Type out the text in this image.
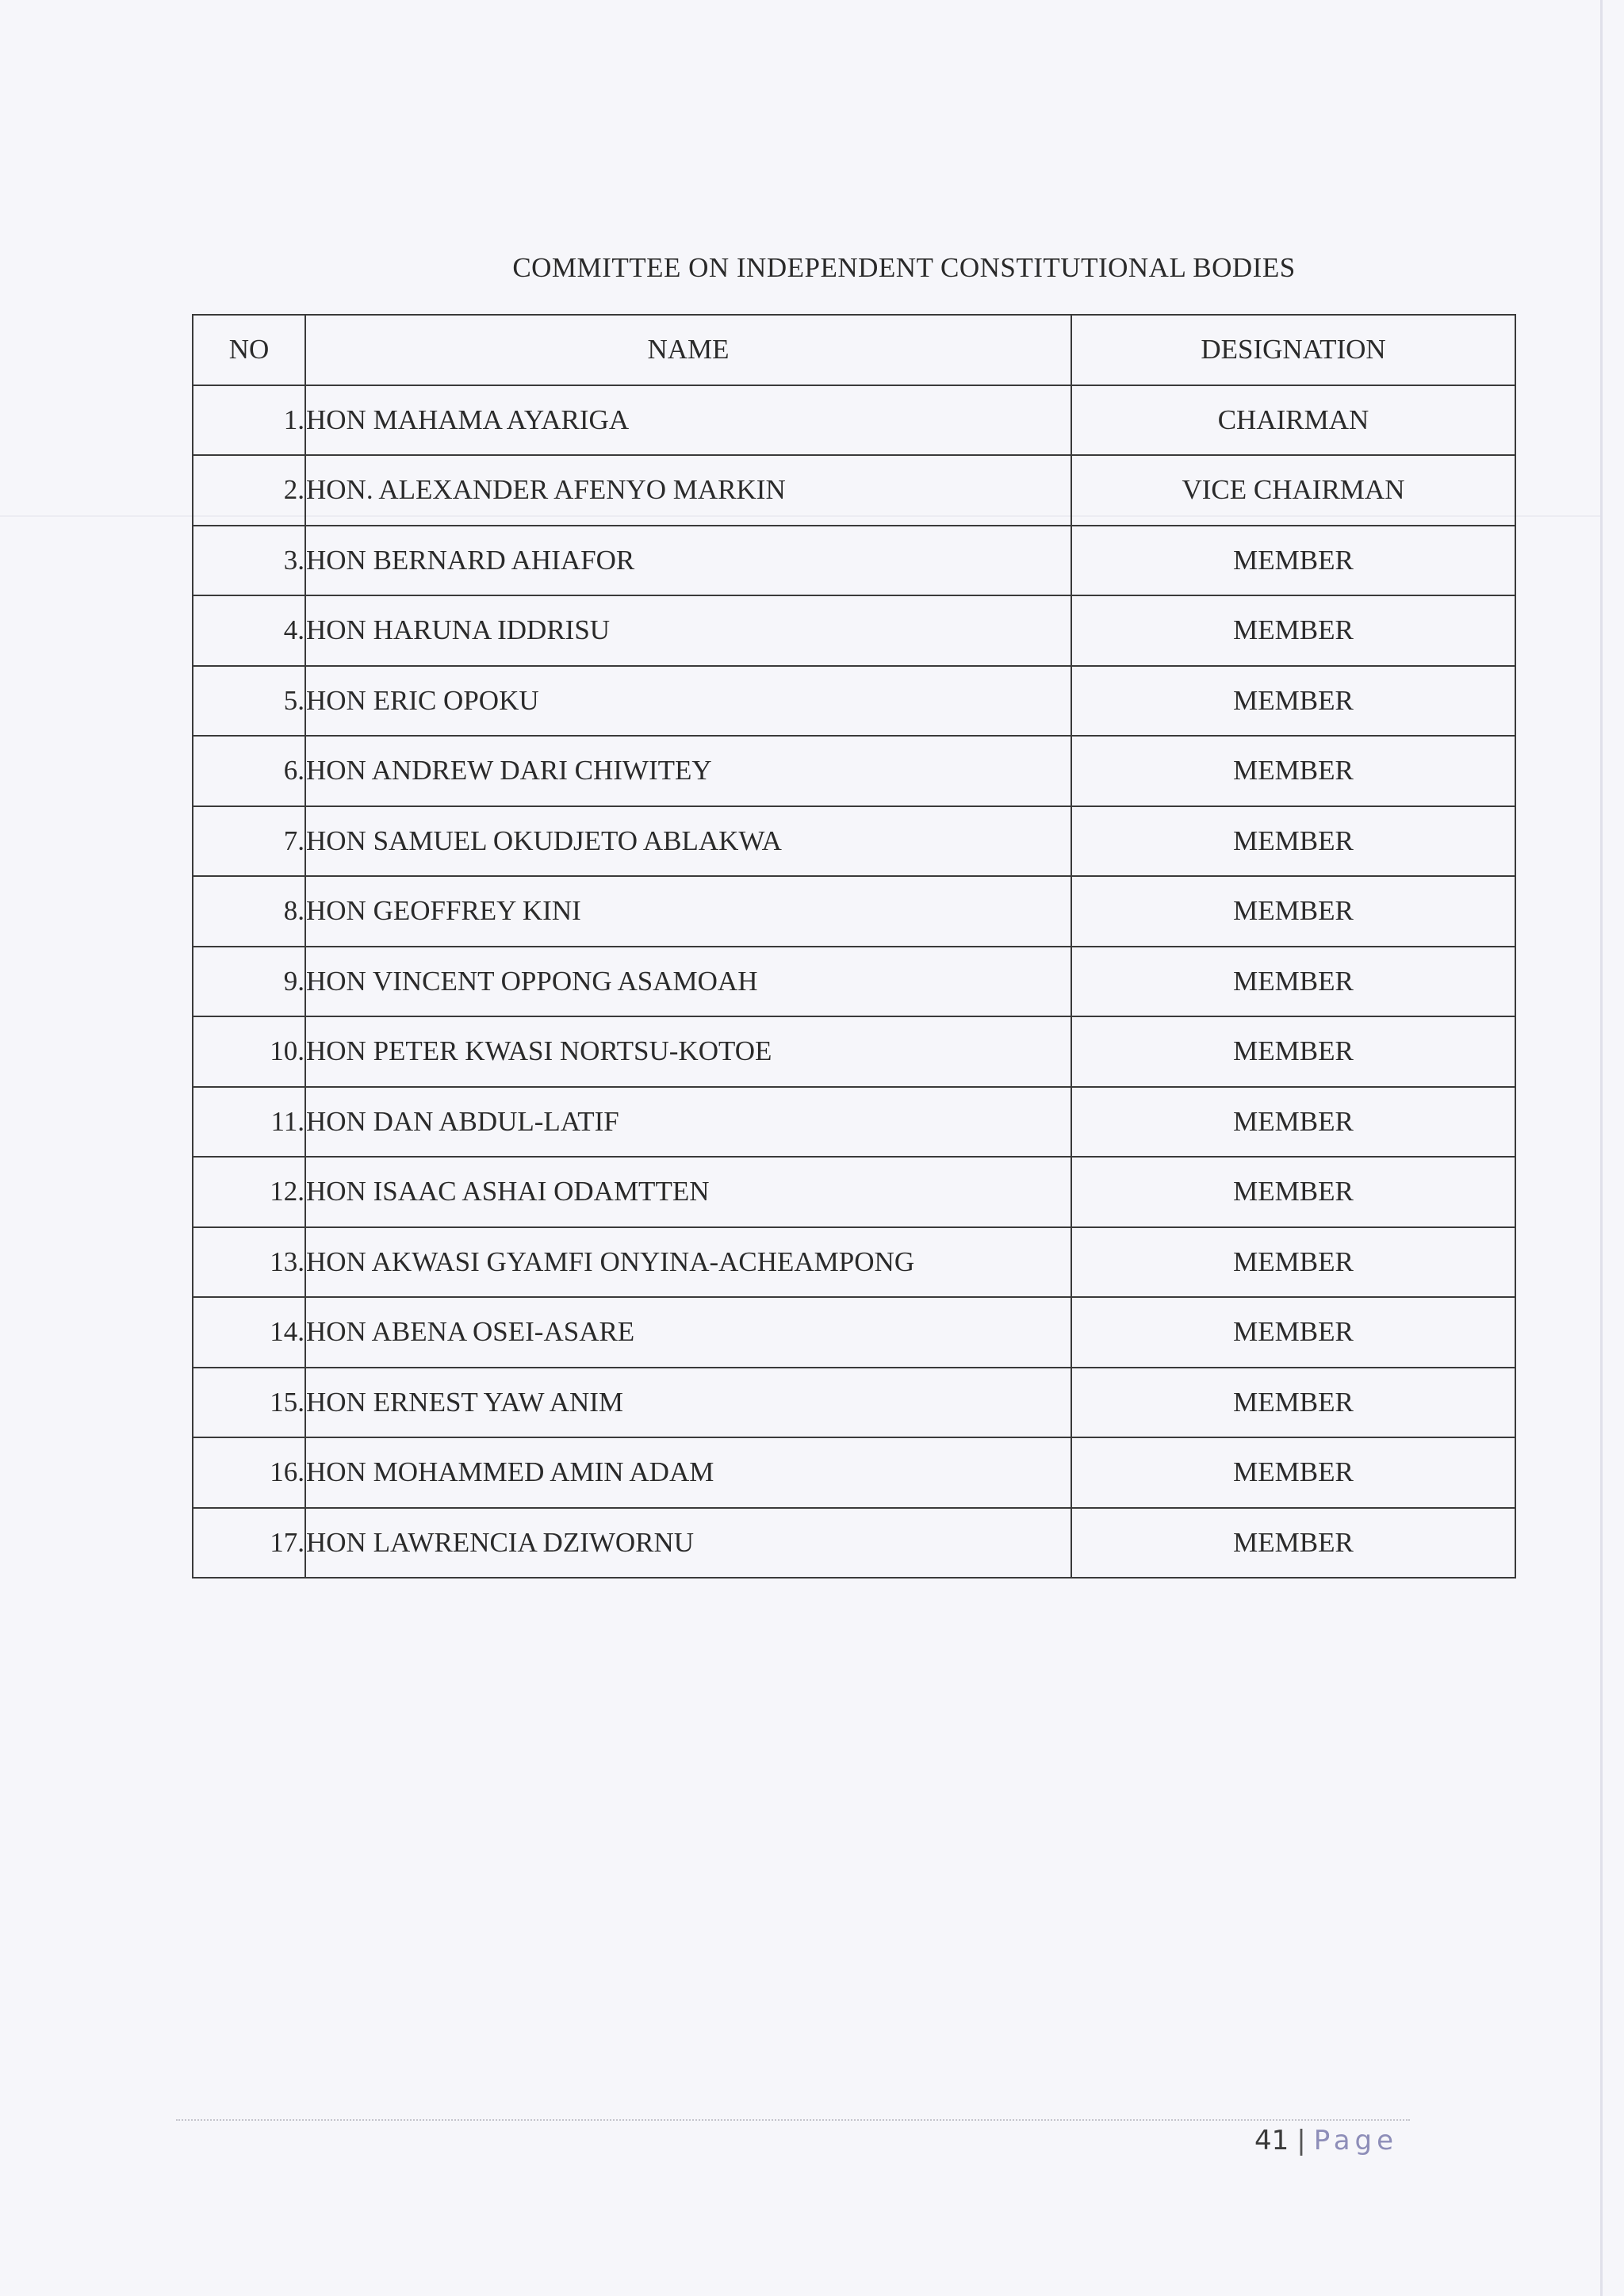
COMMITTEE ON INDEPENDENT CONSTITUTIONAL BODIES
NO	NAME	DESIGNATION
1.	HON MAHAMA AYARIGA	CHAIRMAN
2.	HON. ALEXANDER AFENYO MARKIN	VICE CHAIRMAN
3.	HON BERNARD AHIAFOR	MEMBER
4.	HON HARUNA IDDRISU	MEMBER
5.	HON ERIC OPOKU	MEMBER
6.	HON ANDREW DARI CHIWITEY	MEMBER
7.	HON SAMUEL OKUDJETO ABLAKWA	MEMBER
8.	HON GEOFFREY KINI	MEMBER
9.	HON VINCENT OPPONG ASAMOAH	MEMBER
10.	HON PETER KWASI NORTSU-KOTOE	MEMBER
11.	HON DAN ABDUL-LATIF	MEMBER
12.	HON ISAAC ASHAI ODAMTTEN	MEMBER
13.	HON AKWASI GYAMFI ONYINA-ACHEAMPONG	MEMBER
14.	HON ABENA OSEI-ASARE	MEMBER
15.	HON ERNEST YAW ANIM	MEMBER
16.	HON MOHAMMED AMIN ADAM	MEMBER
17.	HON LAWRENCIA DZIWORNU	MEMBER
41 | Page
